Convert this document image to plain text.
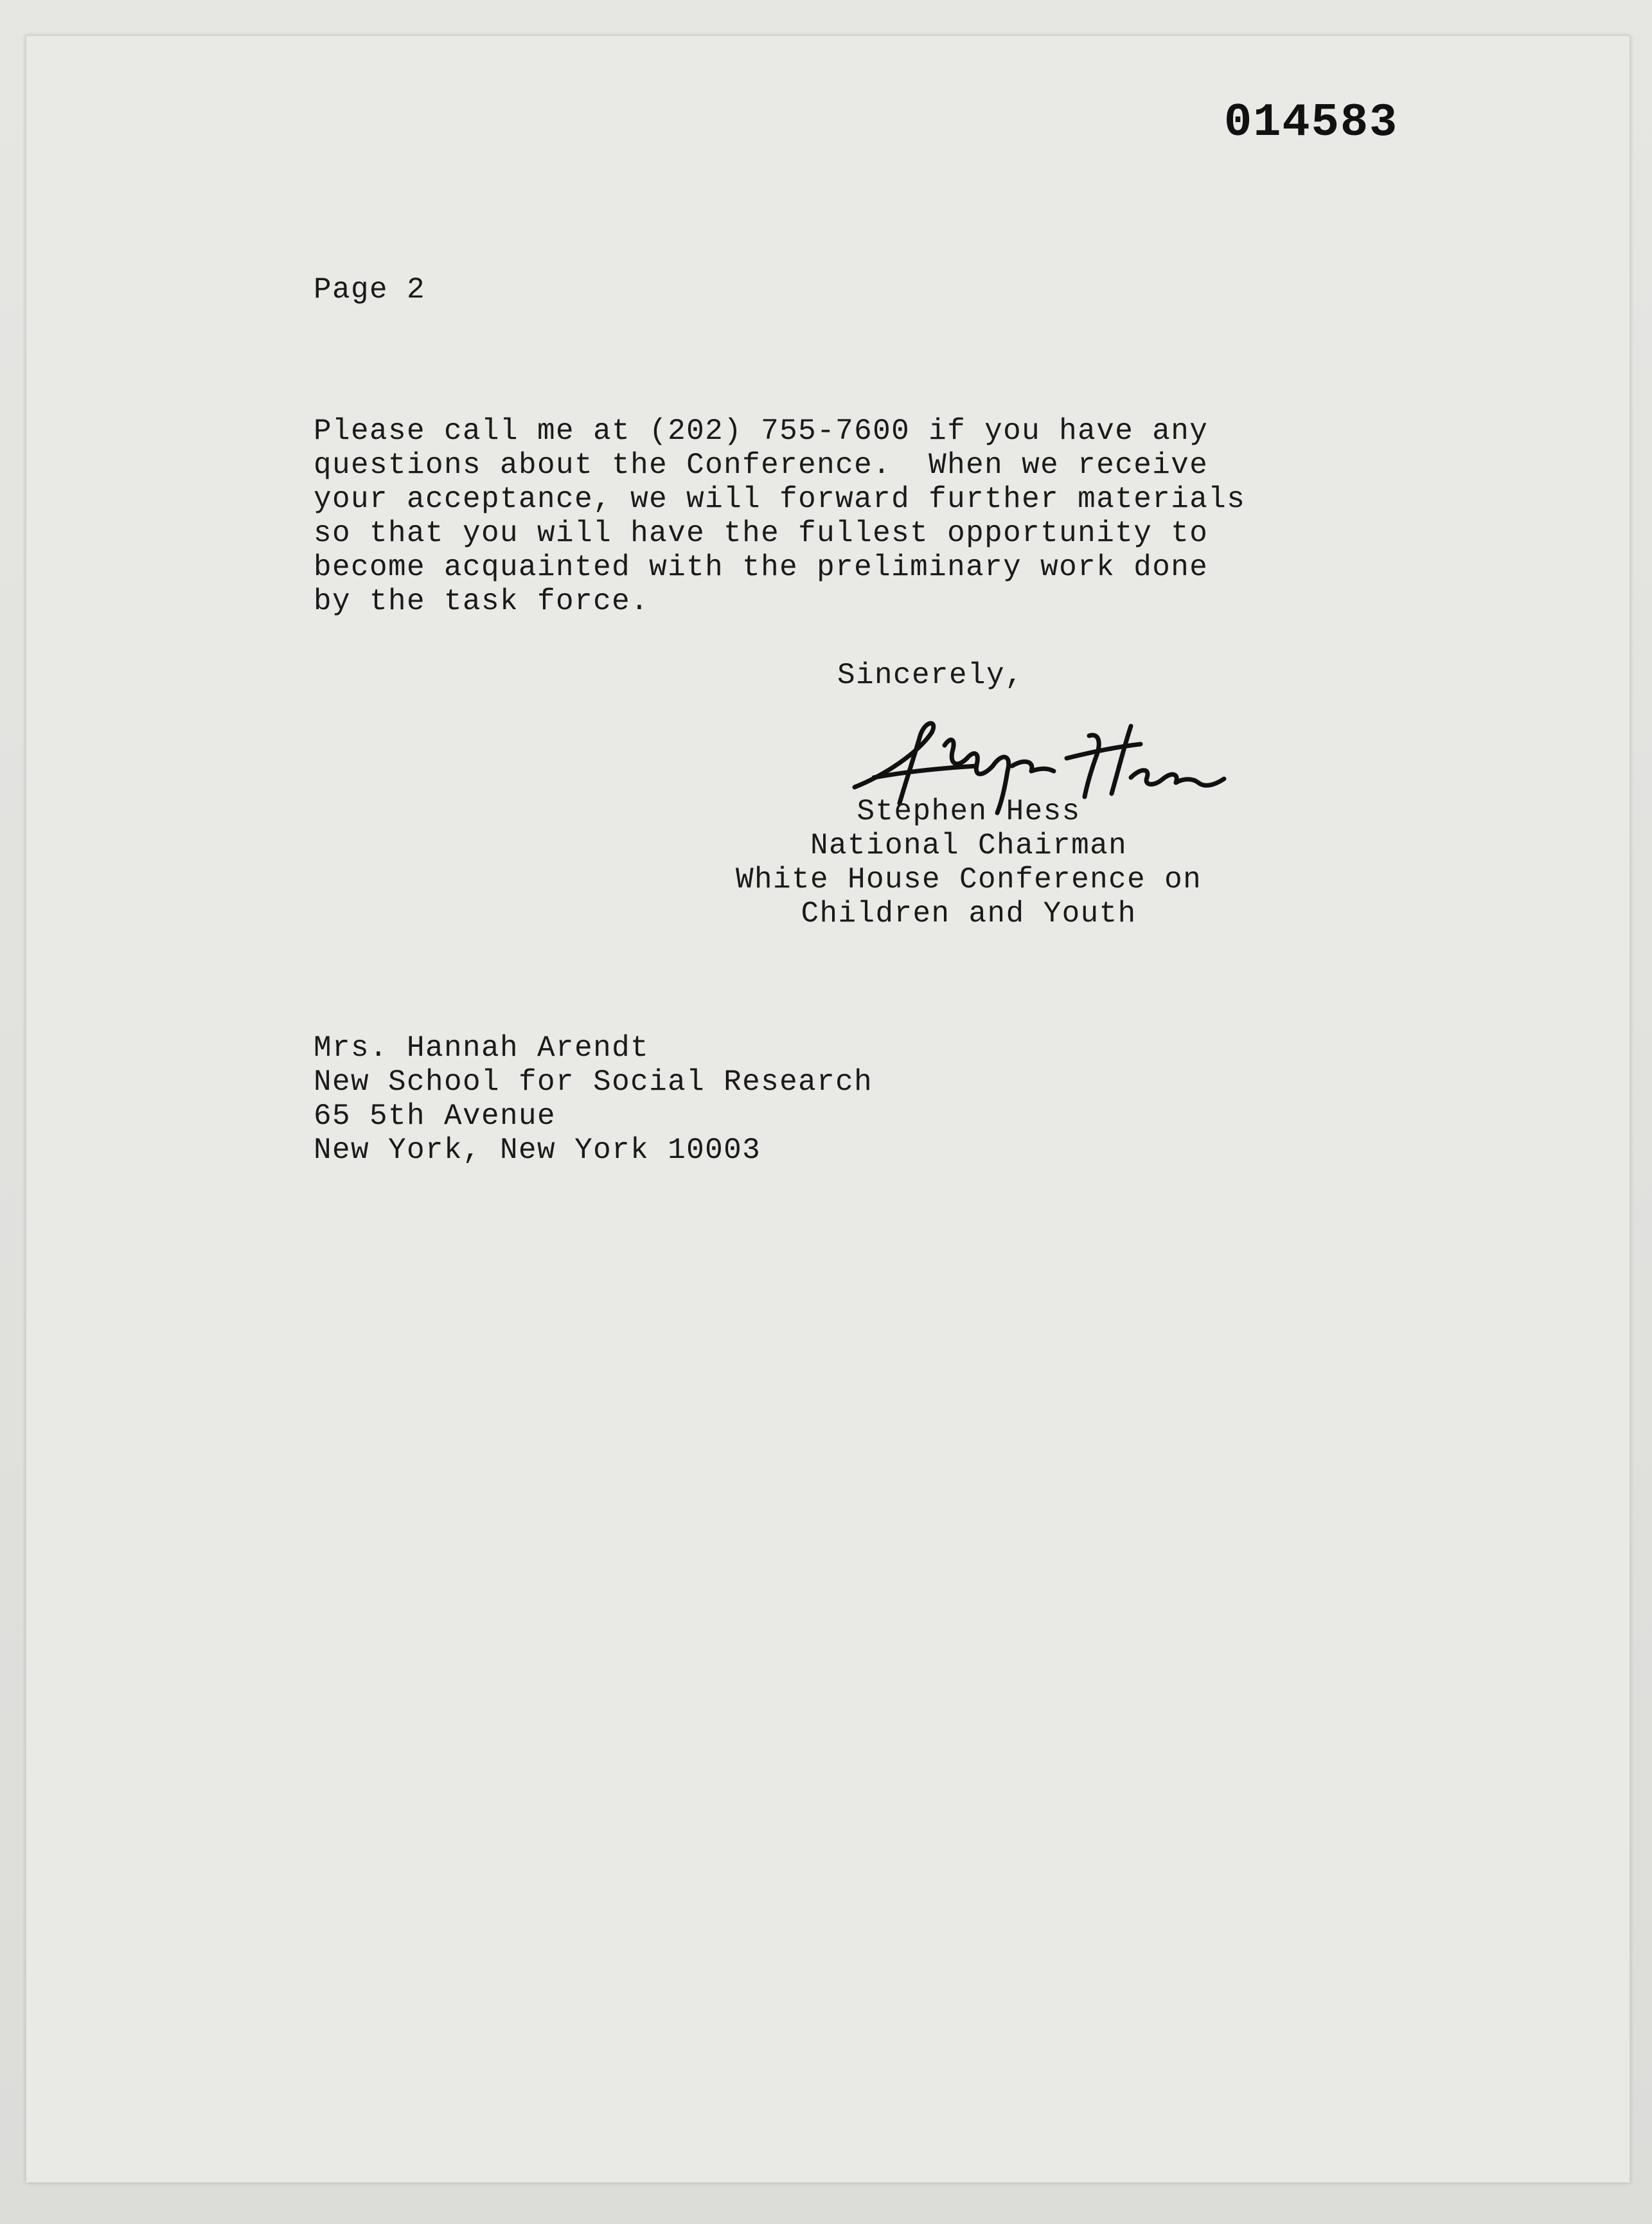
014583
Page 2
Please call me at (202) 755-7600 if you have any
questions about the Conference.  When we receive
your acceptance, we will forward further materials
so that you will have the fullest opportunity to
become acquainted with the preliminary work done
by the task force.
Sincerely,
Stephen Hess
National Chairman
White House Conference on
Children and Youth
Mrs. Hannah Arendt
New School for Social Research
65 5th Avenue
New York, New York 10003
